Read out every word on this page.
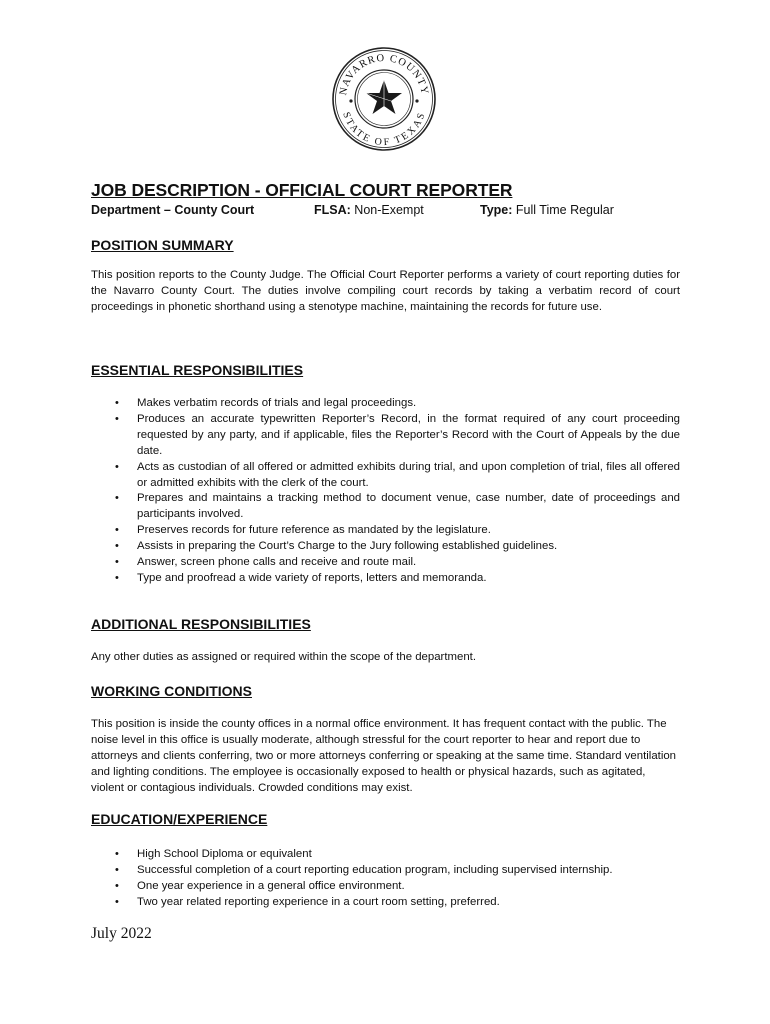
NAVARRO COUNTY
STATE OF TEXAS
JOB DESCRIPTION - OFFICIAL COURT REPORTER
Department – County Court	FLSA: Non-Exempt	Type: Full Time Regular
POSITION SUMMARY

This position reports to the County Judge. The Official Court Reporter performs a variety of court reporting duties for the Navarro County Court. The duties involve compiling court records by taking a verbatim record of court proceedings in phonetic shorthand using a stenotype machine, maintaining the records for future use.

ESSENTIAL RESPONSIBILITIES
• Makes verbatim records of trials and legal proceedings.
• Produces an accurate typewritten Reporter’s Record, in the format required of any court proceeding requested by any party, and if applicable, files the Reporter’s Record with the Court of Appeals by the due date.
• Acts as custodian of all offered or admitted exhibits during trial, and upon completion of trial, files all offered or admitted exhibits with the clerk of the court.
• Prepares and maintains a tracking method to document venue, case number, date of proceedings and participants involved.
• Preserves records for future reference as mandated by the legislature.
• Assists in preparing the Court’s Charge to the Jury following established guidelines.
• Answer, screen phone calls and receive and route mail.
• Type and proofread a wide variety of reports, letters and memoranda.
ADDITIONAL RESPONSIBILITIES

Any other duties as assigned or required within the scope of the department.

WORKING CONDITIONS

This position is inside the county offices in a normal office environment. It has frequent contact with the public. The noise level in this office is usually moderate, although stressful for the court reporter to hear and report due to attorneys and clients conferring, two or more attorneys conferring or speaking at the same time. Standard ventilation and lighting conditions. The employee is occasionally exposed to health or physical hazards, such as agitated, violent or contagious individuals. Crowded conditions may exist.

EDUCATION/EXPERIENCE
• High School Diploma or equivalent
• Successful completion of a court reporting education program, including supervised internship.
• One year experience in a general office environment.
• Two year related reporting experience in a court room setting, preferred.
July 2022
